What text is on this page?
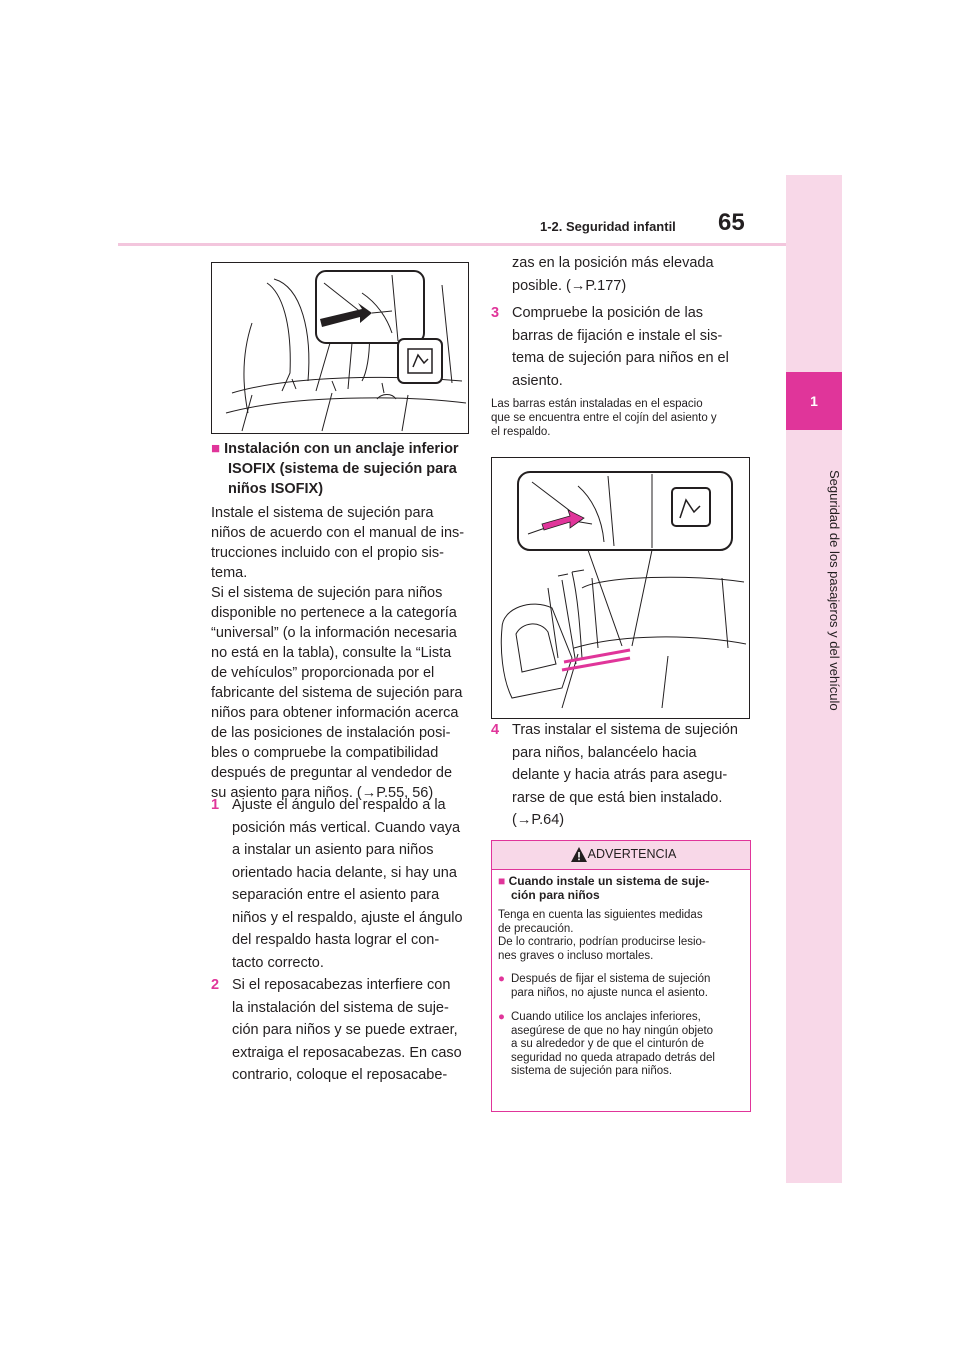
1-2. Seguridad infantil 65
1
Seguridad de los pasajeros y del vehículo
■ Instalación con un anclaje inferior
ISOFIX (sistema de sujeción para
niños ISOFIX)
Instale el sistema de sujeción para
niños de acuerdo con el manual de ins-
trucciones incluido con el propio sis-
tema.
Si el sistema de sujeción para niños
disponible no pertenece a la categoría
“universal” (o la información necesaria
no está en la tabla), consulte la “Lista
de vehículos” proporcionada por el
fabricante del sistema de sujeción para
niños para obtener información acerca
de las posiciones de instalación posi-
bles o compruebe la compatibilidad
después de preguntar al vendedor de
su asiento para niños. (→P.55, 56)
1 Ajuste el ángulo del respaldo a la
posición más vertical. Cuando vaya
a instalar un asiento para niños
orientado hacia delante, si hay una
separación entre el asiento para
niños y el respaldo, ajuste el ángulo
del respaldo hasta lograr el con-
tacto correcto.
2 Si el reposacabezas interfiere con
la instalación del sistema de suje-
ción para niños y se puede extraer,
extraiga el reposacabezas. En caso
contrario, coloque el reposacabe-
zas en la posición más elevada
posible. (→P.177)
3 Compruebe la posición de las
barras de fijación e instale el sis-
tema de sujeción para niños en el
asiento.
Las barras están instaladas en el espacio
que se encuentra entre el cojín del asiento y
el respaldo.
4 Tras instalar el sistema de sujeción
para niños, balancéelo hacia
delante y hacia atrás para asegu-
rarse de que está bien instalado.
(→P.64)
ADVERTENCIA
■ Cuando instale un sistema de suje-
ción para niños
Tenga en cuenta las siguientes medidas
de precaución.
De lo contrario, podrían producirse lesio-
nes graves o incluso mortales.
● Después de fijar el sistema de sujeción
para niños, no ajuste nunca el asiento.
● Cuando utilice los anclajes inferiores,
asegúrese de que no hay ningún objeto
a su alrededor y de que el cinturón de
seguridad no queda atrapado detrás del
sistema de sujeción para niños.
